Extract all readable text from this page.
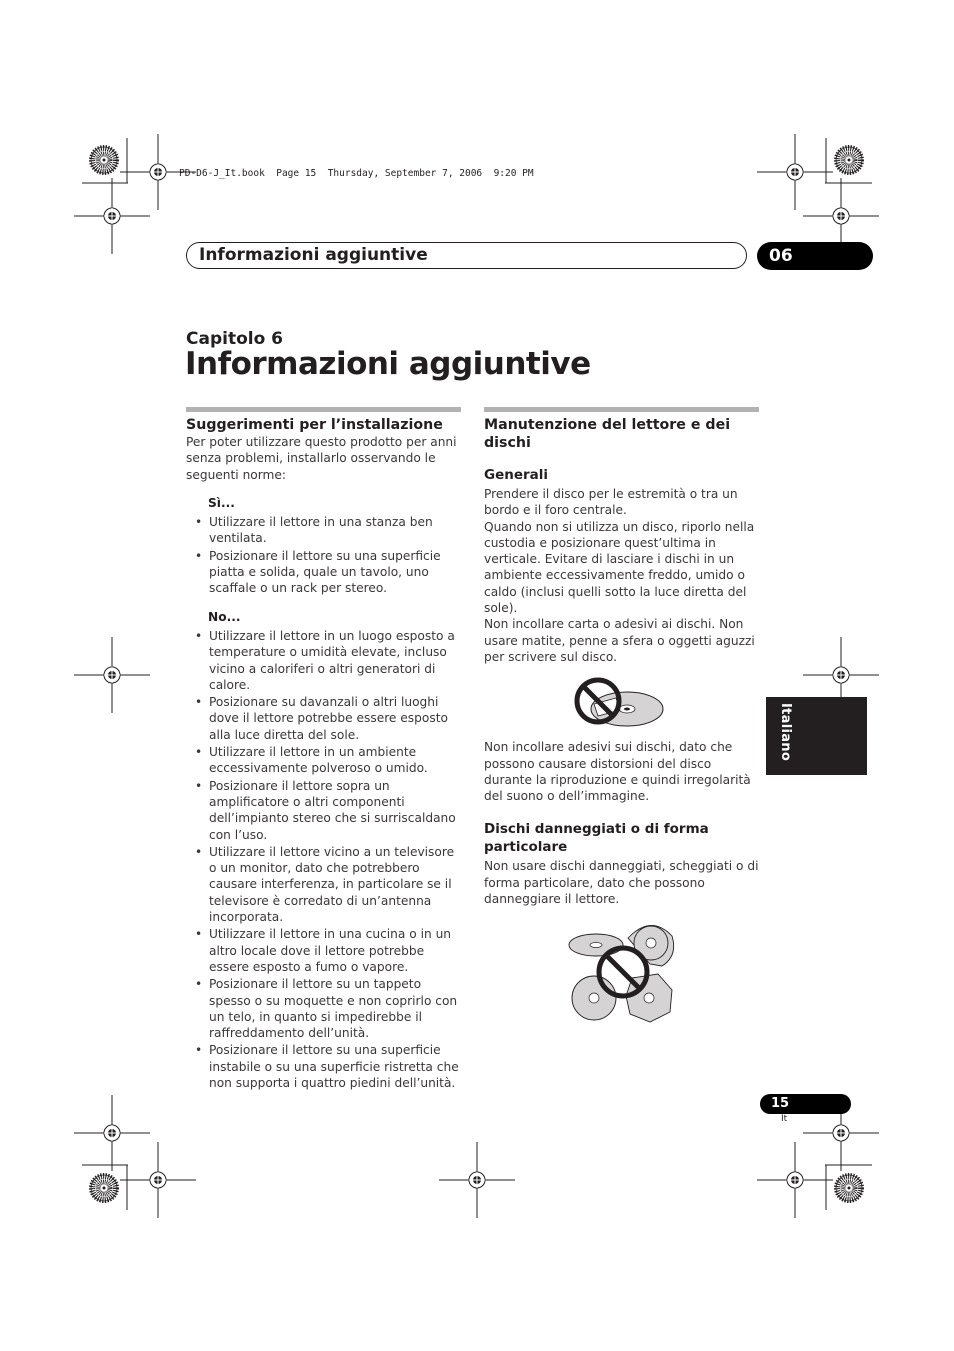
PD-D6-J_It.book  Page 15  Thursday, September 7, 2006  9:20 PM
Informazioni aggiuntive	06
Capitolo 6
Informazioni aggiuntive
Suggerimenti per l’installazione

Per poter utilizzare questo prodotto per anni senza problemi, installarlo osservando le seguenti norme:

Sì...
• Utilizzare il lettore in una stanza ben ventilata.
• Posizionare il lettore su una superficie piatta e solida, quale un tavolo, uno scaffale o un rack per stereo.
No...
• Utilizzare il lettore in un luogo esposto a temperature o umidità elevate, incluso vicino a caloriferi o altri generatori di calore.
• Posizionare su davanzali o altri luoghi dove il lettore potrebbe essere esposto alla luce diretta del sole.
• Utilizzare il lettore in un ambiente eccessivamente polveroso o umido.
• Posizionare il lettore sopra un amplificatore o altri componenti dell’impianto stereo che si surriscaldano con l’uso.
• Utilizzare il lettore vicino a un televisore o un monitor, dato che potrebbero causare interferenza, in particolare se il televisore è corredato di un’antenna incorporata.
• Utilizzare il lettore in una cucina o in un altro locale dove il lettore potrebbe essere esposto a fumo o vapore.
• Posizionare il lettore su un tappeto spesso o su moquette e non coprirlo con un telo, in quanto si impedirebbe il raffreddamento dell’unità.
• Posizionare il lettore su una superficie instabile o su una superficie ristretta che non supporta i quattro piedini dell’unità.
Manutenzione del lettore e dei dischi
Generali

Prendere il disco per le estremità o tra un bordo e il foro centrale.

Quando non si utilizza un disco, riporlo nella custodia e posizionare quest’ultima in verticale. Evitare di lasciare i dischi in un ambiente eccessivamente freddo, umido o caldo (inclusi quelli sotto la luce diretta del sole).

Non incollare carta o adesivi ai dischi. Non usare matite, penne a sfera o oggetti aguzzi per scrivere sul disco.

Non incollare adesivi sui dischi, dato che possono causare distorsioni del disco durante la riproduzione e quindi irregolarità del suono o dell’immagine.

Dischi danneggiati o di forma particolare

Non usare dischi danneggiati, scheggiati o di forma particolare, dato che possono danneggiare il lettore.

Italiano
15
It
